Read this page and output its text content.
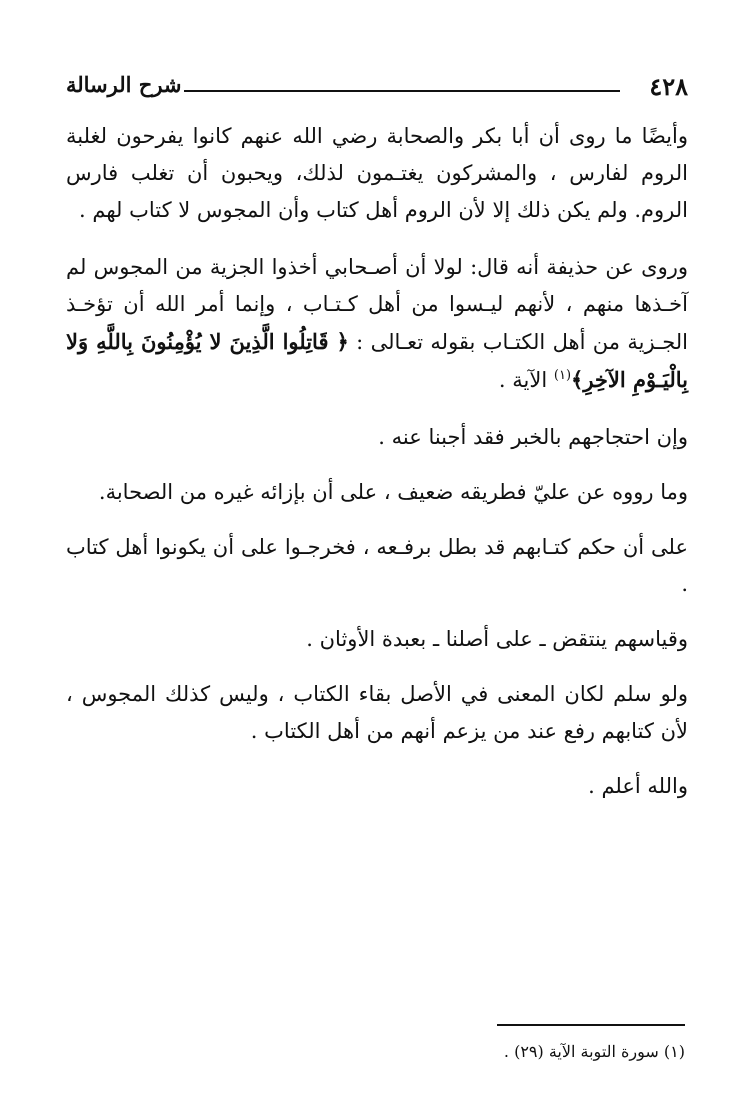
٤٢٨
شرح الرسالة

وأيضًا ما روى أن أبا بكر والصحابة رضي الله عنهم كانوا يفرحون لغلبة الروم لفارس ، والمشركون يغتـمون لذلك، ويحبون أن تغلب فارس الروم. ولم يكن ذلك إلا لأن الروم أهل كتاب وأن المجوس لا كتاب لهم .

وروى عن حذيفة أنه قال: لولا أن أصـحابي أخذوا الجزية من المجوس لم آخـذها منهم ، لأنهم ليـسوا من أهل كـتـاب ، وإنما أمر الله أن تؤخـذ الجـزية من أهل الكتـاب بقوله تعـالى : ﴿ قَاتِلُوا الَّذِينَ لا يُؤْمِنُونَ بِاللَّهِ وَلا بِالْيَـوْمِ الآخِرِ﴾$^{(١)}$ الآية .

وإن احتجاجهم بالخبر فقد أجبنا عنه .

وما رووه عن عليّ فطريقه ضعيف ، على أن بإزائه غيره من الصحابة.

على أن حكم كتـابهم قد بطل برفـعه ، فخرجـوا على أن يكونوا أهل كتاب .

وقياسهم ينتقض ـ على أصلنا ـ بعبدة الأوثان .

ولو سلم لكان المعنى في الأصل بقاء الكتاب ، وليس كذلك المجوس ، لأن كتابهم رفع عند من يزعم أنهم من أهل الكتاب .

والله أعلم .

(١) سورة التوبة الآية (٢٩) .
